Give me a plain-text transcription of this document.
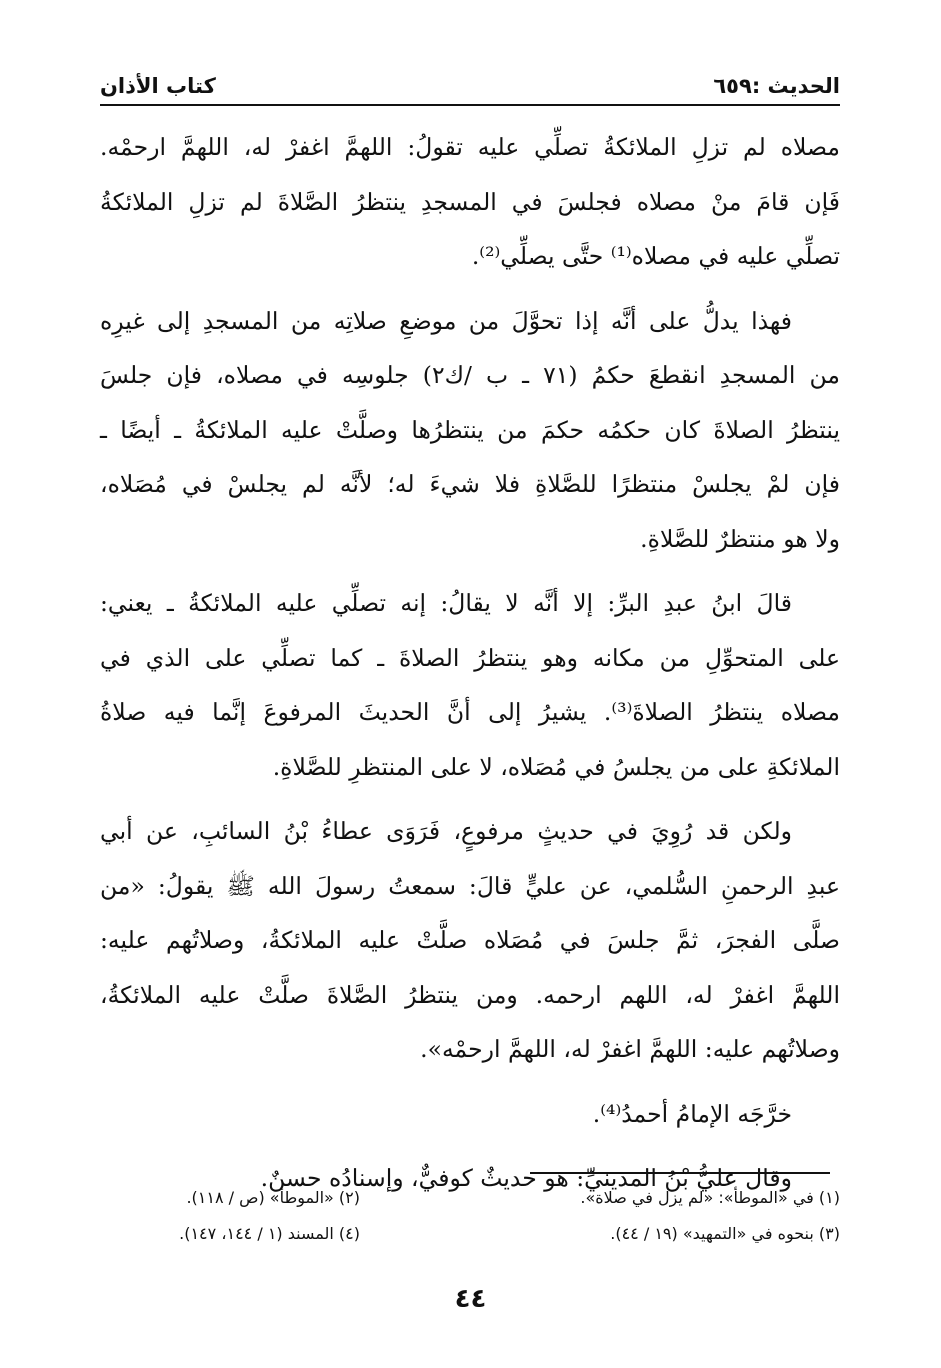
الحديث :٦٥٩
كتاب الأذان
مصلاه لم تزلِ الملائكةُ تصلِّي عليه تقولُ: اللهمَّ اغفرْ له، اللهمَّ ارحمْه.
فَإن قامَ منْ مصلاه فجلسَ في المسجدِ ينتظرُ الصَّلاةَ لم تزلِ الملائكةُ
تصلِّي عليه في مصلاه⁽¹⁾ حتَّى يصلِّي⁽²⁾.
فهذا يدلُّ على أنَّه إذا تحوَّلَ من موضعِ صلاتِه من المسجدِ إلى غيرِه
من المسجدِ انقطعَ حكمُ (٧١ ـ ب /ك٢) جلوسِه في مصلاه، فإن جلسَ
ينتظرُ الصلاةَ كان حكمُه حكمَ من ينتظرُها وصلَّتْ عليه الملائكةُ ـ أيضًا ـ
فإن لمْ يجلسْ منتظرًا للصَّلاةِ فلا شيءَ له؛ لأنَّه لم يجلسْ في مُصَلاه،
ولا هو منتظرٌ للصَّلاةِ.
قالَ ابنُ عبدِ البرِّ: إلا أنَّه لا يقالُ: إنه تصلِّي عليه الملائكةُ ـ يعني:
على المتحوِّلِ من مكانه وهو ينتظرُ الصلاةَ ـ كما تصلِّي على الذي في
مصلاه ينتظرُ الصلاةَ⁽³⁾. يشيرُ إلى أنَّ الحديثَ المرفوعَ إنَّما فيه صلاةُ
الملائكةِ على من يجلسُ في مُصَلاه، لا على المنتظرِ للصَّلاةِ.
ولكن قد رُوِيَ في حديثٍ مرفوعٍ، فَرَوَى عطاءُ بْنُ السائبِ، عن أبي
عبدِ الرحمنِ السُّلمي، عن عليٍّ قالَ: سمعتُ رسولَ الله ﷺ يقولُ: «من
صلَّى الفجرَ، ثمَّ جلسَ في مُصَلاه صلَّتْ عليه الملائكةُ، وصلاتُهم عليه:
اللهمَّ اغفرْ له، اللهم ارحمه. ومن ينتظرُ الصَّلاةَ صلَّتْ عليه الملائكةُ،
وصلاتُهم عليه: اللهمَّ اغفرْ له، اللهمَّ ارحمْه».
خرَّجَه الإمامُ أحمدُ⁽⁴⁾.
وقال عليُّ بْنُ المدينيِّ: هو حديثٌ كوفيٌّ، وإسنادُه حسنٌ.
(١) في «الموطأ»: «لم يزل في صلاة».
(٢) «الموطأ» (ص / ١١٨).
(٣) بنحوه في «التمهيد» (١٩ / ٤٤).
(٤) المسند (١ / ١٤٤، ١٤٧).
٤٤
